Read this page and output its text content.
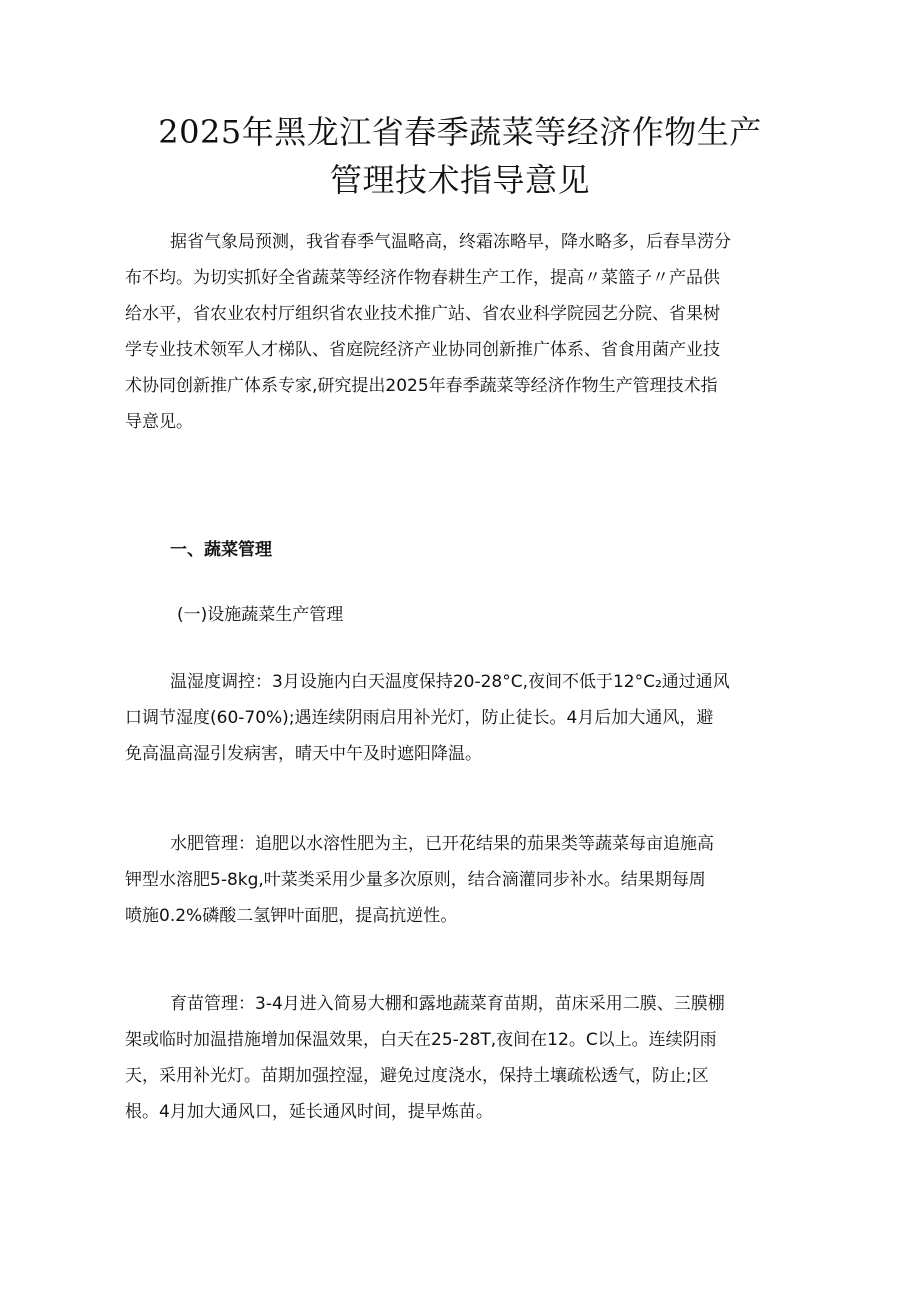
2025年黑龙江省春季蔬菜等经济作物生产
管理技术指导意见
据省气象局预测，我省春季气温略高，终霜冻略早，降水略多，后春旱涝分
布不均。为切实抓好全省蔬菜等经济作物春耕生产工作，提高〃菜篮子〃产品供
给水平，省农业农村厅组织省农业技术推广站、省农业科学院园艺分院、省果树
学专业技术领军人才梯队、省庭院经济产业协同创新推广体系、省食用菌产业技
术协同创新推广体系专家,研究提出2025年春季蔬菜等经济作物生产管理技术指
导意见。
一、蔬菜管理
(一)设施蔬菜生产管理
温湿度调控：3月设施内白天温度保持20-28°C,夜间不低于12°C₂通过通风
口调节湿度(60-70%);遇连续阴雨启用补光灯，防止徒长。4月后加大通风，避
免高温高湿引发病害，晴天中午及时遮阳降温。
水肥管理：追肥以水溶性肥为主，已开花结果的茄果类等蔬菜每亩追施高
钾型水溶肥5-8kg,叶菜类采用少量多次原则，结合滴灌同步补水。结果期每周
喷施0.2%磷酸二氢钾叶面肥，提高抗逆性。
育苗管理：3-4月进入简易大棚和露地蔬菜育苗期，苗床采用二膜、三膜棚
架或临时加温措施增加保温效果，白天在25-28T,夜间在12。C以上。连续阴雨
天，采用补光灯。苗期加强控湿，避免过度浇水，保持土壤疏松透气，防止;区
根。4月加大通风口，延长通风时间，提早炼苗。
